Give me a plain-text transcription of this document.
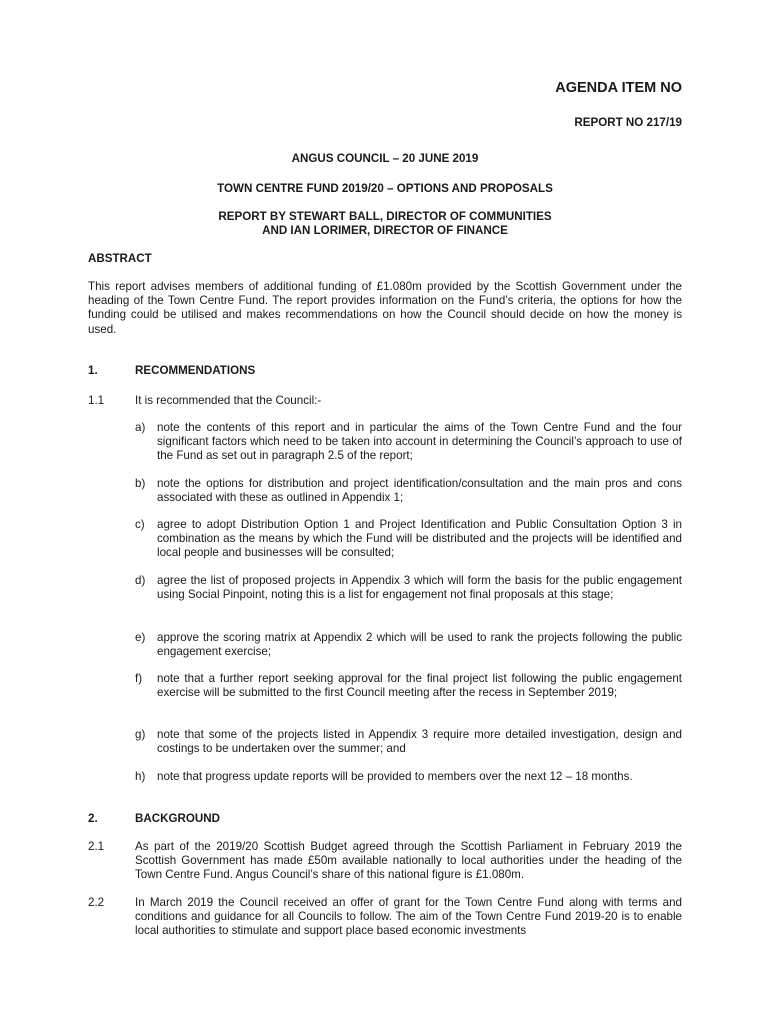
AGENDA ITEM NO
REPORT NO 217/19
ANGUS COUNCIL – 20 JUNE 2019
TOWN CENTRE FUND 2019/20 – OPTIONS AND PROPOSALS
REPORT BY STEWART BALL, DIRECTOR OF COMMUNITIES
AND IAN LORIMER, DIRECTOR OF FINANCE
ABSTRACT
This report advises members of additional funding of £1.080m provided by the Scottish Government under the heading of the Town Centre Fund. The report provides information on the Fund’s criteria, the options for how the funding could be utilised and makes recommendations on how the Council should decide on how the money is used.
1.	RECOMMENDATIONS
1.1	It is recommended that the Council:-
a) note the contents of this report and in particular the aims of the Town Centre Fund and the four significant factors which need to be taken into account in determining the Council’s approach to use of the Fund as set out in paragraph 2.5 of the report;
b) note the options for distribution and project identification/consultation and the main pros and cons associated with these as outlined in Appendix 1;
c) agree to adopt Distribution Option 1 and Project Identification and Public Consultation Option 3 in combination as the means by which the Fund will be distributed and the projects will be identified and local people and businesses will be consulted;
d) agree the list of proposed projects in Appendix 3 which will form the basis for the public engagement using Social Pinpoint, noting this is a list for engagement not final proposals at this stage;
e) approve the scoring matrix at Appendix 2 which will be used to rank the projects following the public engagement exercise;
f) note that a further report seeking approval for the final project list following the public engagement exercise will be submitted to the first Council meeting after the recess in September 2019;
g) note that some of the projects listed in Appendix 3 require more detailed investigation, design and costings to be undertaken over the summer; and
h) note that progress update reports will be provided to members over the next 12 – 18 months.
2.	BACKGROUND
2.1	As part of the 2019/20 Scottish Budget agreed through the Scottish Parliament in February 2019 the Scottish Government has made £50m available nationally to local authorities under the heading of the Town Centre Fund. Angus Council’s share of this national figure is £1.080m.
2.2	In March 2019 the Council received an offer of grant for the Town Centre Fund along with terms and conditions and guidance for all Councils to follow. The aim of the Town Centre Fund 2019-20 is to enable local authorities to stimulate and support place based economic investments
